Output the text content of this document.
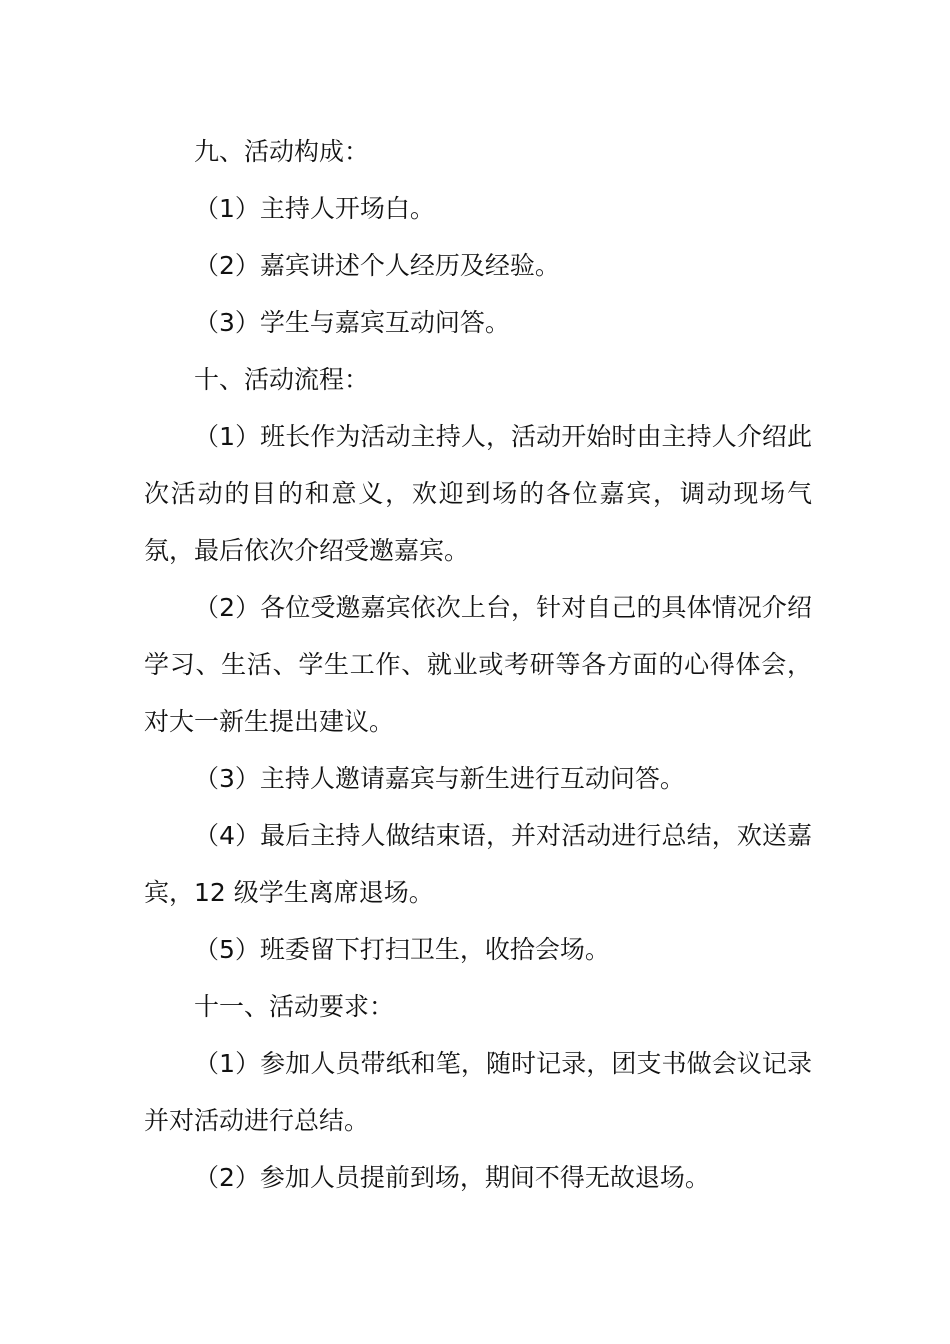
九、活动构成：

（1）主持人开场白。

（2）嘉宾讲述个人经历及经验。

（3）学生与嘉宾互动问答。

十、活动流程：

（1）班长作为活动主持人，活动开始时由主持人介绍此次活动的目的和意义，欢迎到场的各位嘉宾，调动现场气氛，最后依次介绍受邀嘉宾。

（2）各位受邀嘉宾依次上台，针对自己的具体情况介绍学习、生活、学生工作、就业或考研等各方面的心得体会，对大一新生提出建议。

（3）主持人邀请嘉宾与新生进行互动问答。

（4）最后主持人做结束语，并对活动进行总结，欢送嘉宾，12 级学生离席退场。

（5）班委留下打扫卫生，收拾会场。

十一、活动要求：

（1）参加人员带纸和笔，随时记录，团支书做会议记录并对活动进行总结。

（2）参加人员提前到场，期间不得无故退场。
